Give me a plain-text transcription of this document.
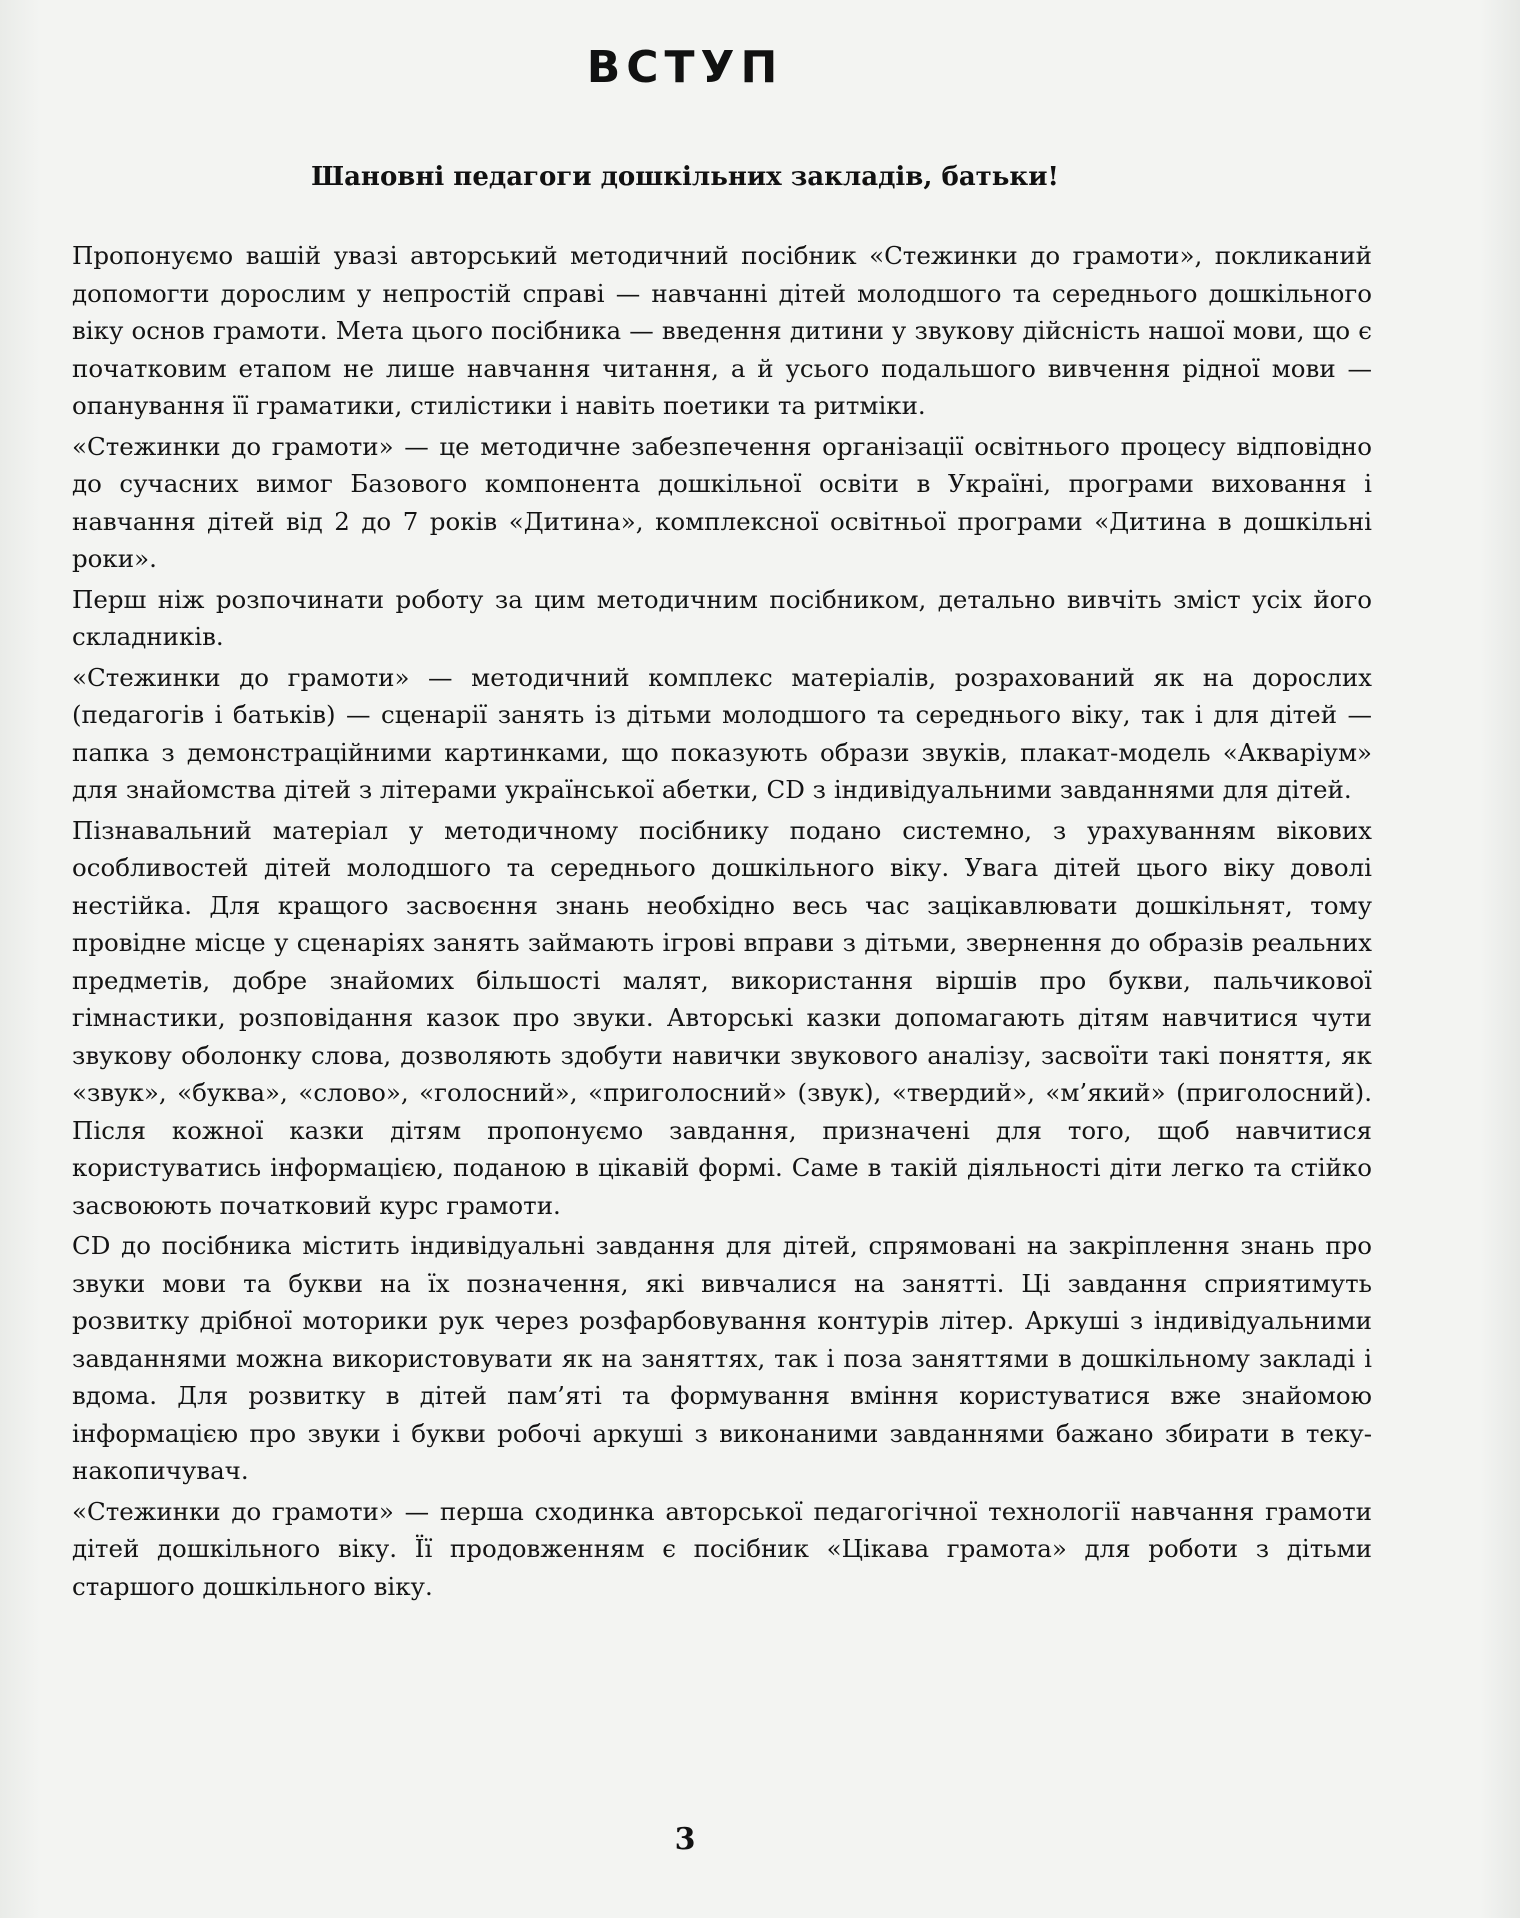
ВСТУП
Шановні педагоги дошкільних закладів, батьки!

Пропонуємо вашій увазі авторський методичний посібник «Стежинки до грамоти», покликаний допомогти дорослим у непростій справі — навчанні дітей молодшого та середнього дошкільного віку основ грамоти. Мета цього посібника — введення дитини у звукову дійсність нашої мови, що є початковим етапом не лише навчання читання, а й усього подальшого вивчення рідної мови — опанування її граматики, стилістики і навіть поетики та ритміки.

«Стежинки до грамоти» — це методичне забезпечення організації освітнього процесу відповідно до сучасних вимог Базового компонента дошкільної освіти в Україні, програми виховання і навчання дітей від 2 до 7 років «Дитина», комплексної освітньої програми «Дитина в дошкільні роки».

Перш ніж розпочинати роботу за цим методичним посібником, детально вивчіть зміст усіх його складників.

«Стежинки до грамоти» — методичний комплекс матеріалів, розрахований як на дорослих (педагогів і батьків) — сценарії занять із дітьми молодшого та середнього віку, так і для дітей — папка з демонстраційними картинками, що показують образи звуків, плакат-модель «Акваріум» для знайомства дітей з літерами української абетки, CD з індивідуальними завданнями для дітей.

Пізнавальний матеріал у методичному посібнику подано системно, з урахуванням вікових особливостей дітей молодшого та середнього дошкільного віку. Увага дітей цього віку доволі нестійка. Для кращого засвоєння знань необхідно весь час зацікавлювати дошкільнят, тому провідне місце у сценаріях занять займають ігрові вправи з дітьми, звернення до образів реальних предметів, добре знайомих більшості малят, використання віршів про букви, пальчикової гімнастики, розповідання казок про звуки. Авторські казки допомагають дітям навчитися чути звукову оболонку слова, дозволяють здобути навички звукового аналізу, засвоїти такі поняття, як «звук», «буква», «слово», «голосний», «приголосний» (звук), «твердий», «м’який» (приголосний). Після кожної казки дітям пропонуємо завдання, призначені для того, щоб навчитися користуватись інформацією, поданою в цікавій формі. Саме в такій діяльності діти легко та стійко засвоюють початковий курс грамоти.

CD до посібника містить індивідуальні завдання для дітей, спрямовані на закріплення знань про звуки мови та букви на їх позначення, які вивчалися на занятті. Ці завдання сприятимуть розвитку дрібної моторики рук через розфарбовування контурів літер. Аркуші з індивідуальними завданнями можна використовувати як на заняттях, так і поза заняттями в дошкільному закладі і вдома. Для розвитку в дітей пам’яті та формування вміння користуватися вже знайомою інформацією про звуки і букви робочі аркуші з виконаними завданнями бажано збирати в теку-накопичувач.

«Стежинки до грамоти» — перша сходинка авторської педагогічної технології навчання грамоти дітей дошкільного віку. Її продовженням є посібник «Цікава грамота» для роботи з дітьми старшого дошкільного віку.

3
